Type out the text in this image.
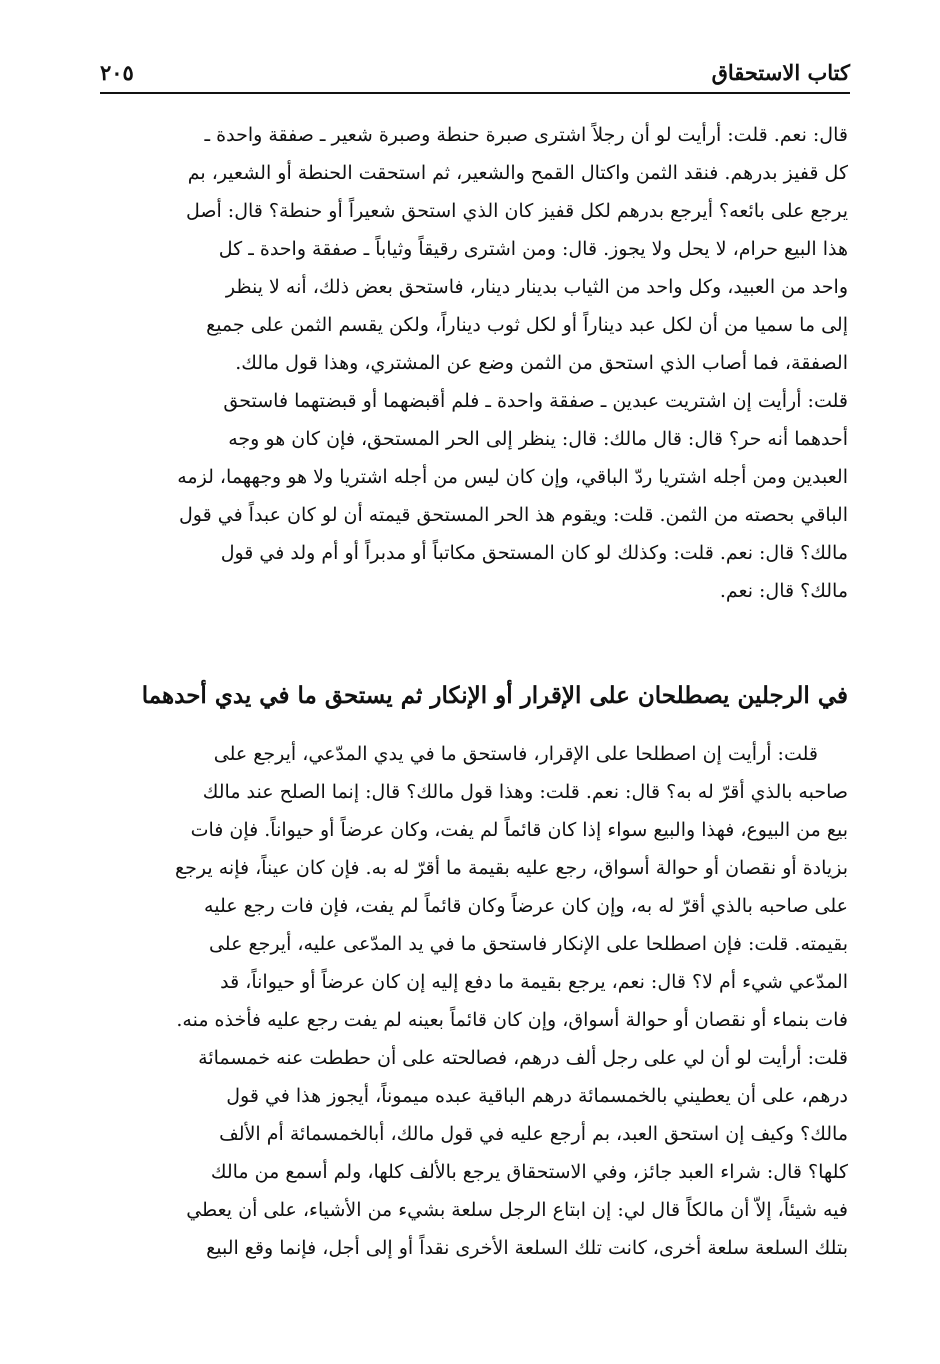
كتاب الاستحقاق
٢٠٥
قال: نعم. قلت: أرأيت لو أن رجلاً اشترى صبرة حنطة وصبرة شعير ـ صفقة واحدة ـ
كل قفيز بدرهم. فنقد الثمن واكتال القمح والشعير، ثم استحقت الحنطة أو الشعير، بم
يرجع على بائعه؟ أيرجع بدرهم لكل قفيز كان الذي استحق شعيراً أو حنطة؟ قال: أصل
هذا البيع حرام، لا يحل ولا يجوز. قال: ومن اشترى رقيقاً وثياباً ـ صفقة واحدة ـ كل
واحد من العبيد، وكل واحد من الثياب بدينار دينار، فاستحق بعض ذلك، أنه لا ينظر
إلى ما سميا من أن لكل عبد ديناراً أو لكل ثوب ديناراً، ولكن يقسم الثمن على جميع
الصفقة، فما أصاب الذي استحق من الثمن وضع عن المشتري، وهذا قول مالك.
قلت: أرأيت إن اشتريت عبدين ـ صفقة واحدة ـ فلم أقبضهما أو قبضتهما فاستحق
أحدهما أنه حر؟ قال: قال مالك: قال: ينظر إلى الحر المستحق، فإن كان هو وجه
العبدين ومن أجله اشتريا ردّ الباقي، وإن كان ليس من أجله اشتريا ولا هو وجههما، لزمه
الباقي بحصته من الثمن. قلت: ويقوم هذ الحر المستحق قيمته أن لو كان عبداً في قول
مالك؟ قال: نعم. قلت: وكذلك لو كان المستحق مكاتباً أو مدبراً أو أم ولد في قول
مالك؟ قال: نعم.
في الرجلين يصطلحان على الإقرار أو الإنكار ثم يستحق ما في يدي أحدهما
قلت: أرأيت إن اصطلحا على الإقرار، فاستحق ما في يدي المدّعي، أيرجع على
صاحبه بالذي أقرّ له به؟ قال: نعم. قلت: وهذا قول مالك؟ قال: إنما الصلح عند مالك
بيع من البيوع، فهذا والبيع سواء إذا كان قائماً لم يفت، وكان عرضاً أو حيواناً. فإن فات
بزيادة أو نقصان أو حوالة أسواق، رجع عليه بقيمة ما أقرّ له به. فإن كان عيناً، فإنه يرجع
على صاحبه بالذي أقرّ له به، وإن كان عرضاً وكان قائماً لم يفت، فإن فات رجع عليه
بقيمته. قلت: فإن اصطلحا على الإنكار فاستحق ما في يد المدّعى عليه، أيرجع على
المدّعي شيء أم لا؟ قال: نعم، يرجع بقيمة ما دفع إليه إن كان عرضاً أو حيواناً، قد
فات بنماء أو نقصان أو حوالة أسواق، وإن كان قائماً بعينه لم يفت رجع عليه فأخذه منه.
قلت: أرأيت لو أن لي على رجل ألف درهم، فصالحته على أن حططت عنه خمسمائة
درهم، على أن يعطيني بالخمسمائة درهم الباقية عبده ميموناً، أيجوز هذا في قول
مالك؟ وكيف إن استحق العبد، بم أرجع عليه في قول مالك، أبالخمسمائة أم الألف
كلها؟ قال: شراء العبد جائز، وفي الاستحقاق يرجع بالألف كلها، ولم أسمع من مالك
فيه شيئاً، إلاّ أن مالكاً قال لي: إن ابتاع الرجل سلعة بشيء من الأشياء، على أن يعطي
بتلك السلعة سلعة أخرى، كانت تلك السلعة الأخرى نقداً أو إلى أجل، فإنما وقع البيع
